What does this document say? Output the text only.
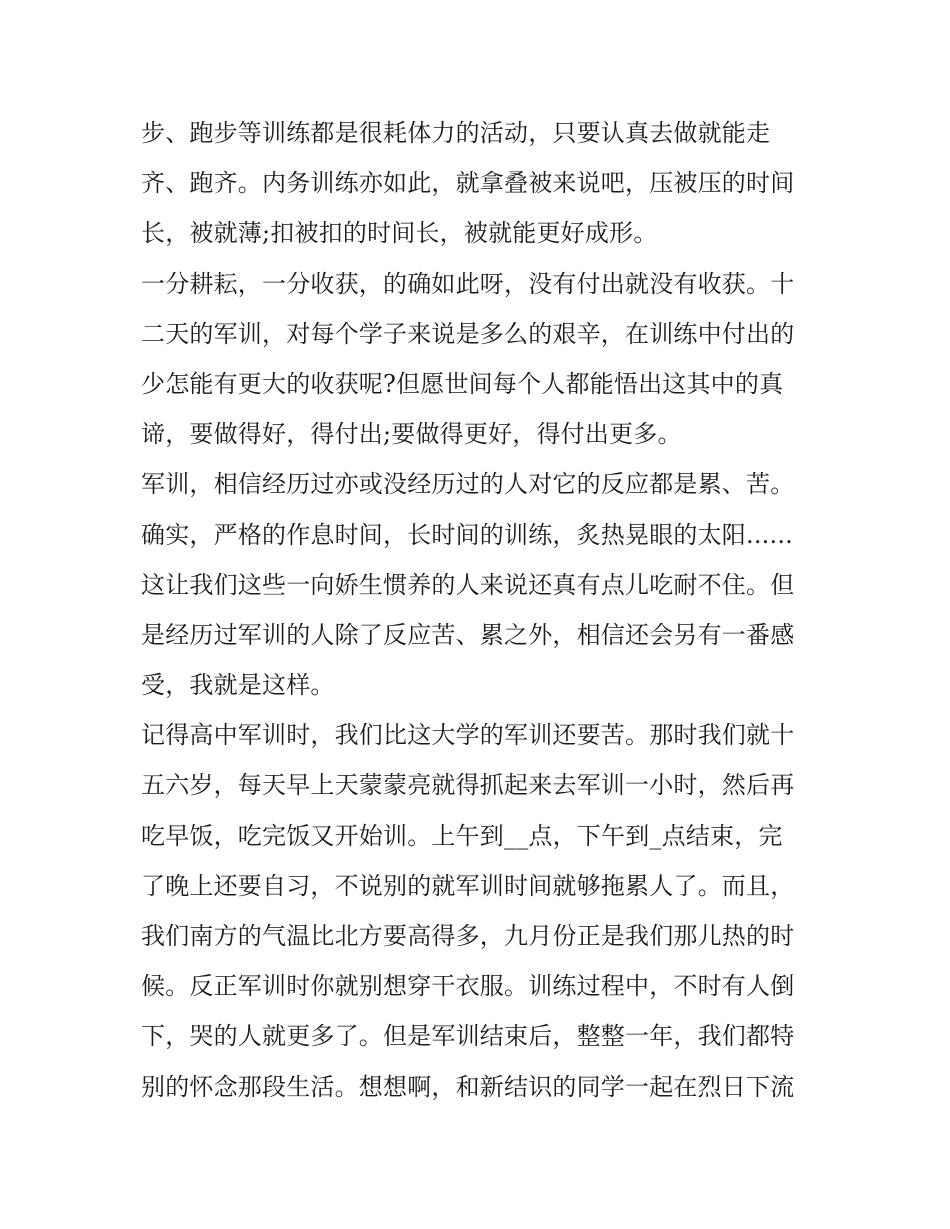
步、跑步等训练都是很耗体力的活动，只要认真去做就能走
齐、跑齐。内务训练亦如此，就拿叠被来说吧，压被压的时间
长，被就薄;扣被扣的时间长，被就能更好成形。
一分耕耘，一分收获，的确如此呀，没有付出就没有收获。十
二天的军训，对每个学子来说是多么的艰辛，在训练中付出的
少怎能有更大的收获呢?但愿世间每个人都能悟出这其中的真
谛，要做得好，得付出;要做得更好，得付出更多。
军训，相信经历过亦或没经历过的人对它的反应都是累、苦。
确实，严格的作息时间，长时间的训练，炙热晃眼的太阳......
这让我们这些一向娇生惯养的人来说还真有点儿吃耐不住。但
是经历过军训的人除了反应苦、累之外，相信还会另有一番感
受，我就是这样。
记得高中军训时，我们比这大学的军训还要苦。那时我们就十
五六岁，每天早上天蒙蒙亮就得抓起来去军训一小时，然后再
吃早饭，吃完饭又开始训。上午到__点，下午到_点结束，完
了晚上还要自习，不说别的就军训时间就够拖累人了。而且，
我们南方的气温比北方要高得多，九月份正是我们那儿热的时
候。反正军训时你就别想穿干衣服。训练过程中，不时有人倒
下，哭的人就更多了。但是军训结束后，整整一年，我们都特
别的怀念那段生活。想想啊，和新结识的同学一起在烈日下流
